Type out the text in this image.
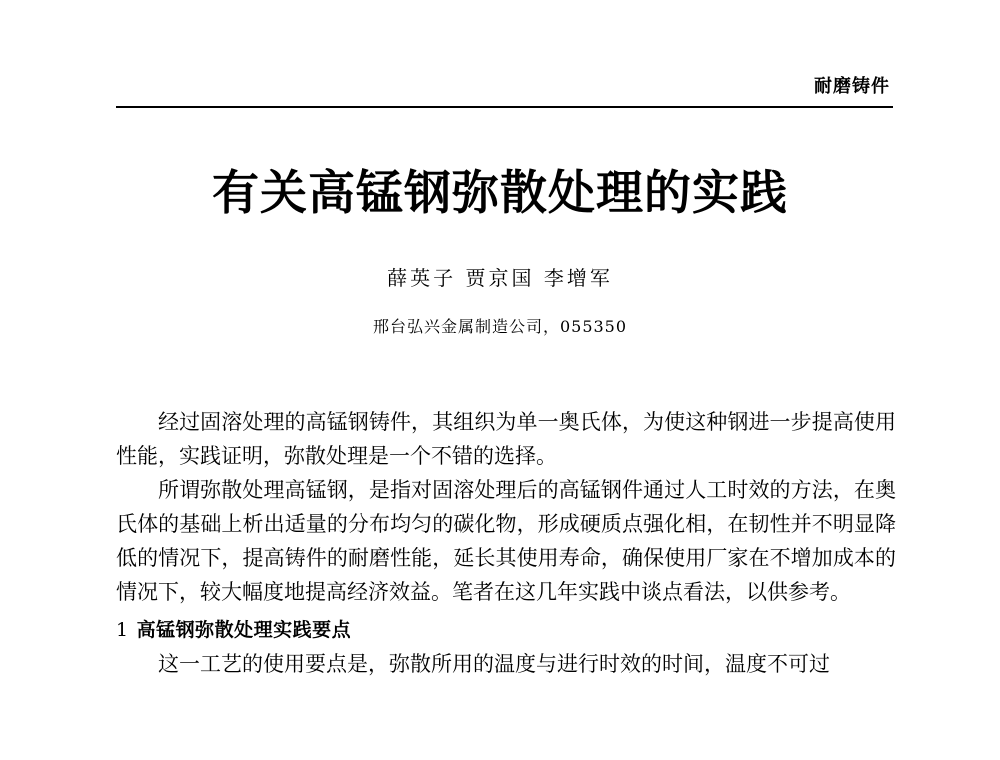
耐磨铸件
有关高锰钢弥散处理的实践
薛英子 贾京国 李增军
邢台弘兴金属制造公司，055350

经过固溶处理的高锰钢铸件，其组织为单一奥氏体，为使这种钢进一步提高使用性能，实践证明，弥散处理是一个不错的选择。

所谓弥散处理高锰钢，是指对固溶处理后的高锰钢件通过人工时效的方法，在奥氏体的基础上析出适量的分布均匀的碳化物，形成硬质点强化相，在韧性并不明显降低的情况下，提高铸件的耐磨性能，延长其使用寿命，确保使用厂家在不增加成本的情况下，较大幅度地提高经济效益。笔者在这几年实践中谈点看法，以供参考。

1 高锰钢弥散处理实践要点

这一工艺的使用要点是，弥散所用的温度与进行时效的时间，温度不可过
